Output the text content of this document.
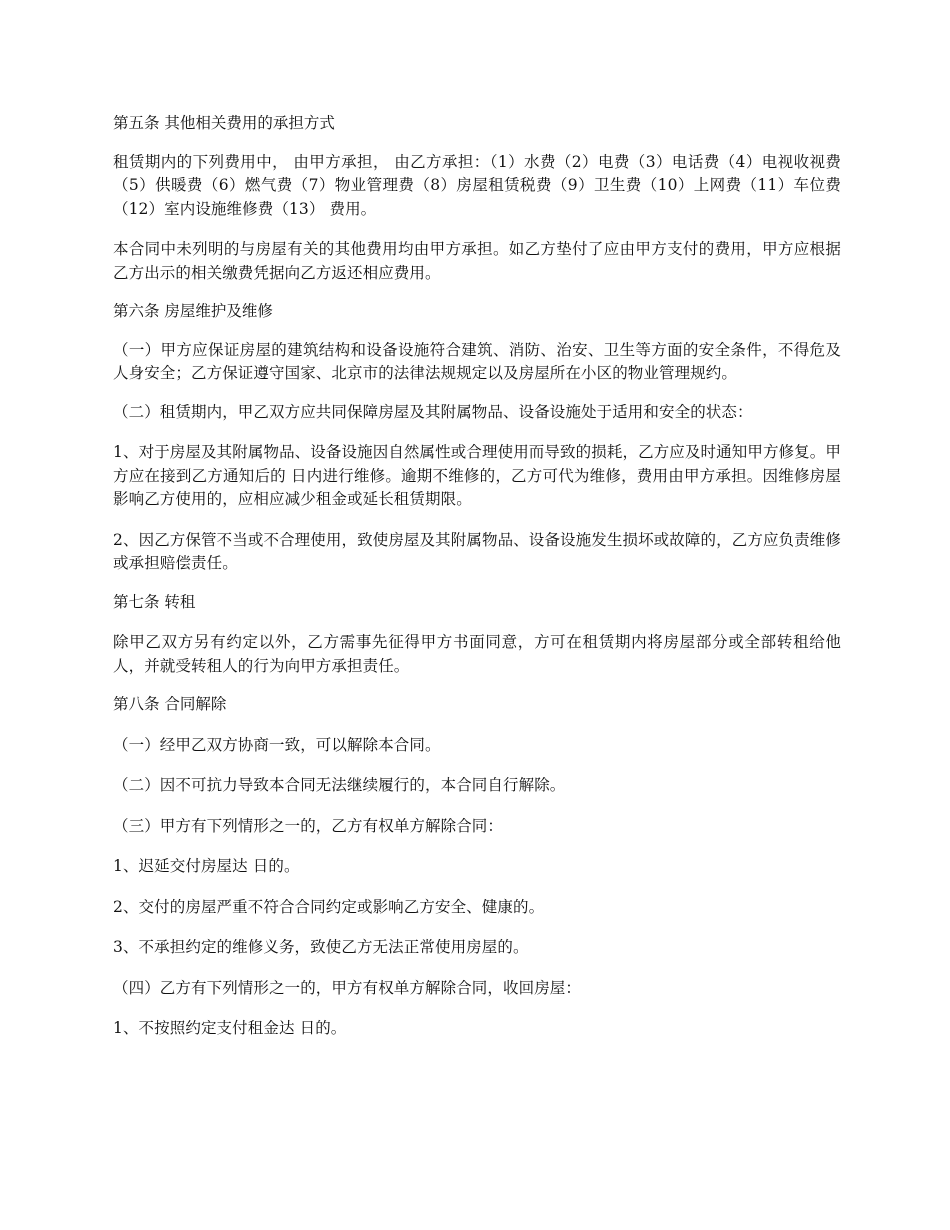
第五条 其他相关费用的承担方式

租赁期内的下列费用中， 由甲方承担， 由乙方承担：（1）水费（2）电费（3）电话费（4）电视收视费（5）供暖费（6）燃气费（7）物业管理费（8）房屋租赁税费（9）卫生费（10）上网费（11）车位费（12）室内设施维修费（13） 费用。

本合同中未列明的与房屋有关的其他费用均由甲方承担。如乙方垫付了应由甲方支付的费用，甲方应根据乙方出示的相关缴费凭据向乙方返还相应费用。

第六条 房屋维护及维修

（一）甲方应保证房屋的建筑结构和设备设施符合建筑、消防、治安、卫生等方面的安全条件，不得危及人身安全；乙方保证遵守国家、北京市的法律法规规定以及房屋所在小区的物业管理规约。

（二）租赁期内，甲乙双方应共同保障房屋及其附属物品、设备设施处于适用和安全的状态：

1、对于房屋及其附属物品、设备设施因自然属性或合理使用而导致的损耗，乙方应及时通知甲方修复。甲方应在接到乙方通知后的 日内进行维修。逾期不维修的，乙方可代为维修，费用由甲方承担。因维修房屋影响乙方使用的，应相应减少租金或延长租赁期限。

2、因乙方保管不当或不合理使用，致使房屋及其附属物品、设备设施发生损坏或故障的，乙方应负责维修或承担赔偿责任。

第七条 转租

除甲乙双方另有约定以外，乙方需事先征得甲方书面同意，方可在租赁期内将房屋部分或全部转租给他人，并就受转租人的行为向甲方承担责任。

第八条 合同解除

（一）经甲乙双方协商一致，可以解除本合同。

（二）因不可抗力导致本合同无法继续履行的，本合同自行解除。

（三）甲方有下列情形之一的，乙方有权单方解除合同：

1、迟延交付房屋达 日的。

2、交付的房屋严重不符合合同约定或影响乙方安全、健康的。

3、不承担约定的维修义务，致使乙方无法正常使用房屋的。

（四）乙方有下列情形之一的，甲方有权单方解除合同，收回房屋：

1、不按照约定支付租金达 日的。
